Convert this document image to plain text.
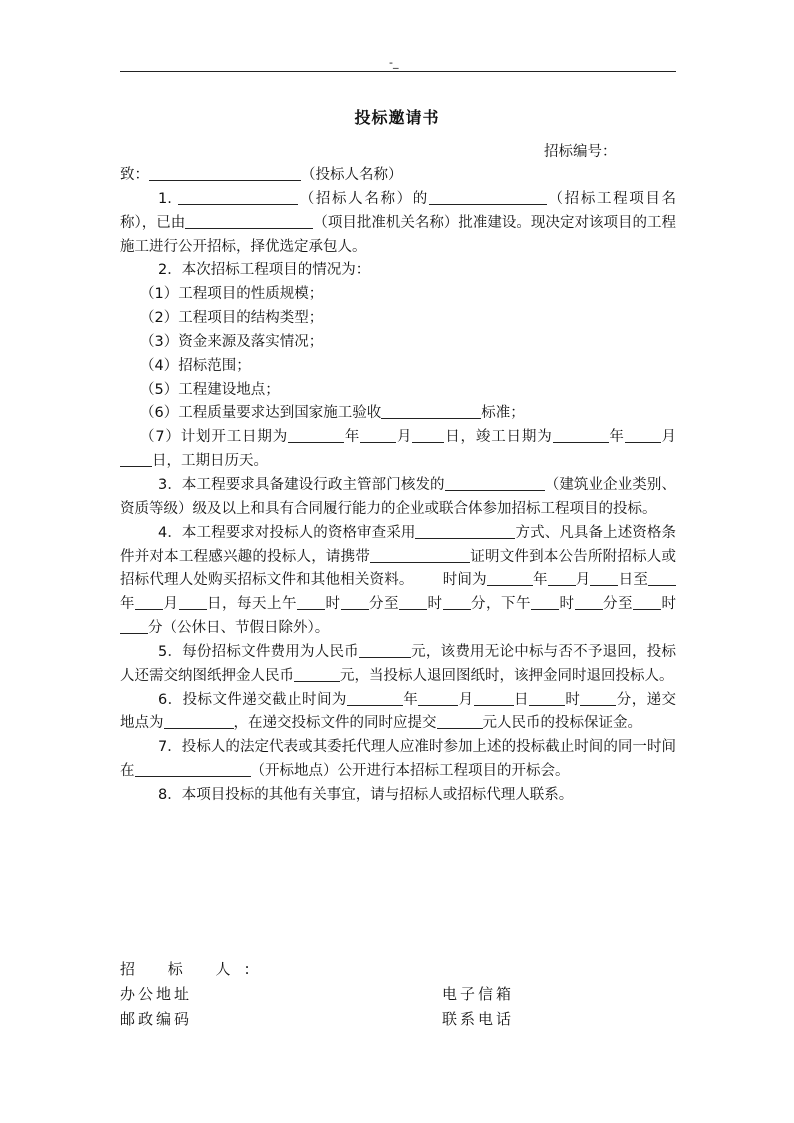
-_
投标邀请书
招标编号：

致：	（投标人名称）

1.	（招标人名称）的	（招标工程项目名称），已由	（项目批准机关名称）批准建设。现决定对该项目的工程施工进行公开招标，择优选定承包人。

2．本次招标工程项目的情况为：

（1）工程项目的性质规模；

（2）工程项目的结构类型；

（3）资金来源及落实情况；

（4）招标范围；

（5）工程建设地点；

（6）工程质量要求达到国家施工验收	标准；

（7）计划开工日期为	年 月 日，竣工日期为	年 月日，工期日历天。

3．本工程要求具备建设行政主管部门核发的	（建筑业企业类别、资质等级）级及以上和具有合同履行能力的企业或联合体参加招标工程项目的投标。

4．本工程要求对投标人的资格审查采用	方式、凡具备上述资格条件并对本工程感兴趣的投标人，请携带	证明文件到本公告所附招标人或招标代理人处购买招标文件和其他相关资料。   时间为	年 月 日至年 月 日，每天上午 时 分至 时 分，下午 时 分至 时分（公休日、节假日除外）。

5．每份招标文件费用为人民币	元，该费用无论中标与否不予退回，投标人还需交纳图纸押金人民币	元，当投标人退回图纸时，该押金同时退回投标人。

6．投标文件递交截止时间为	年	月	日 时 分，递交地点为	，在递交投标文件的同时应提交	元人民币的投标保证金。

7．投标人的法定代表或其委托代理人应准时参加上述的投标截止时间的同一时间在	（开标地点）公开进行本招标工程项目的开标会。

8．本项目投标的其他有关事宜，请与招标人或招标代理人联系。

招 标 人:
办公地址	电子信箱
邮政编码	联系电话
